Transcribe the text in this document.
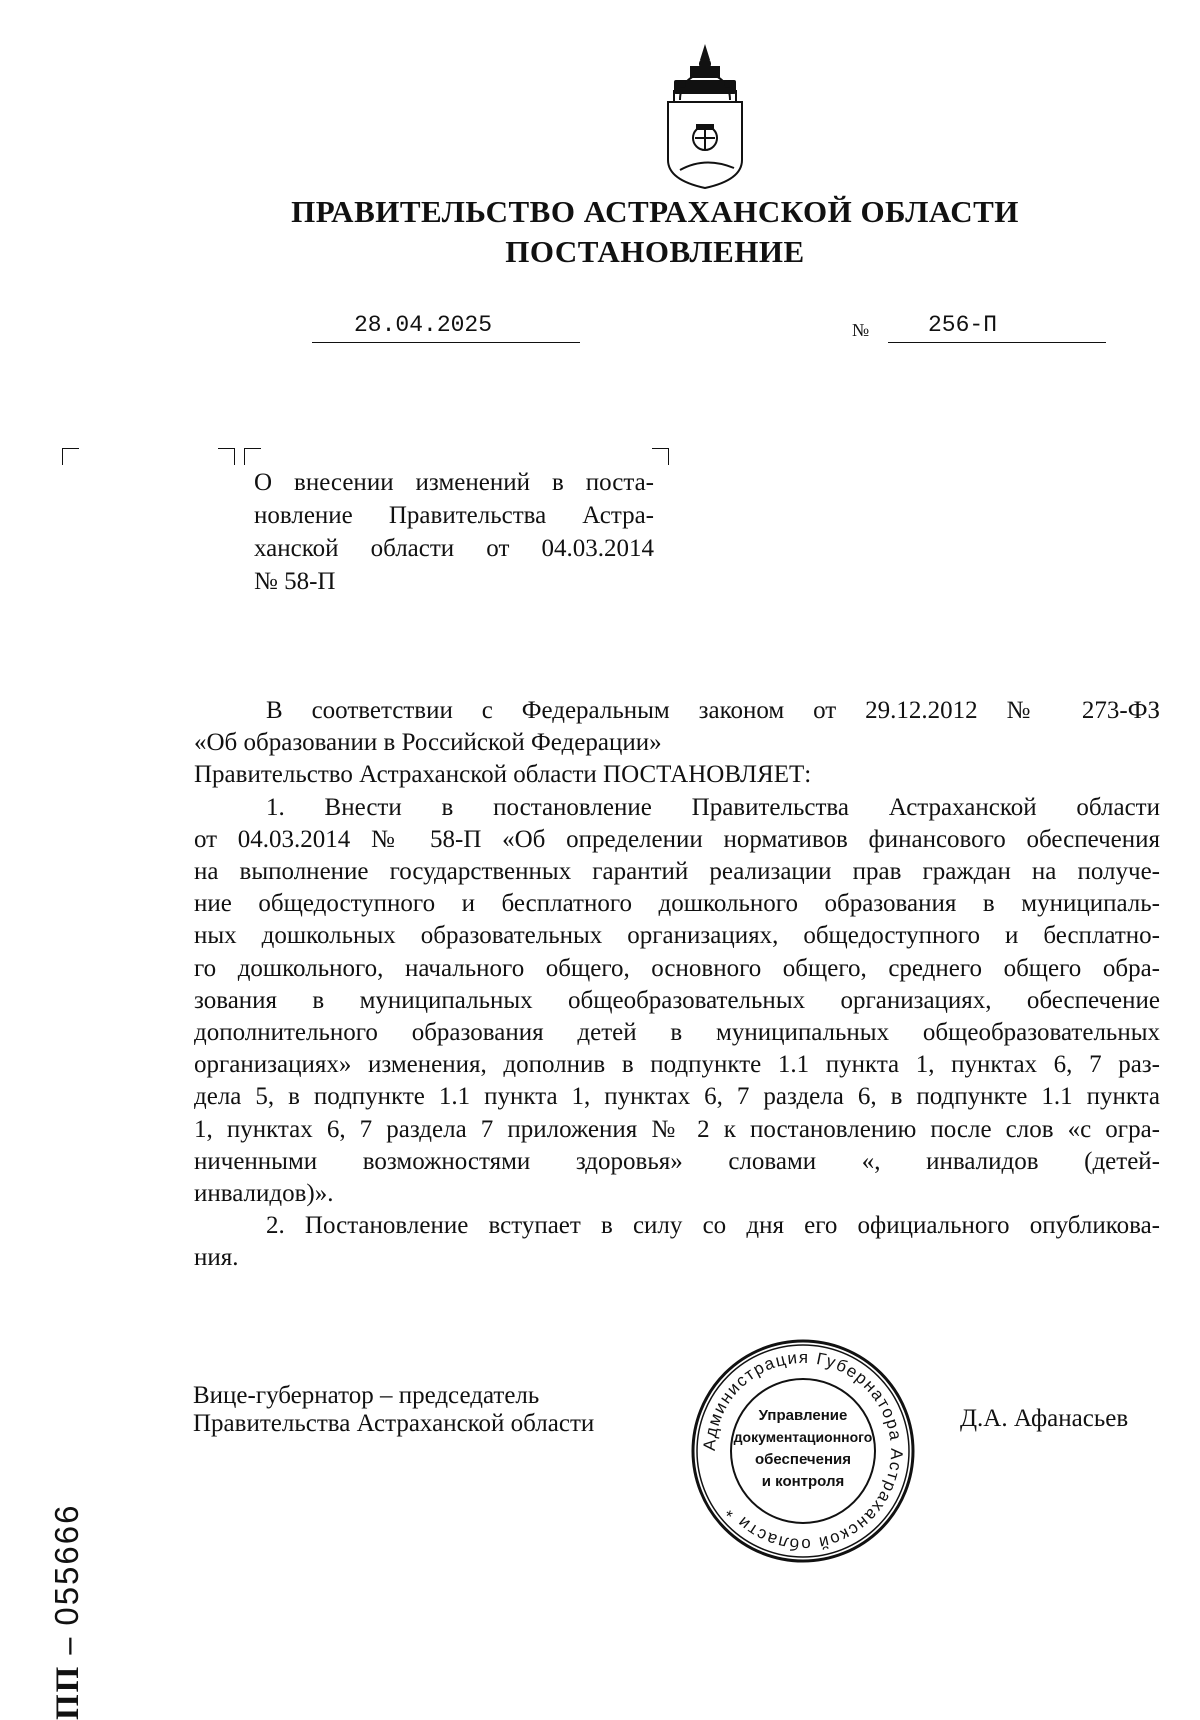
ПРАВИТЕЛЬСТВО АСТРАХАНСКОЙ ОБЛАСТИ
ПОСТАНОВЛЕНИЕ
28.04.2025	№	256-П
О внесении изменений в поста-
новление Правительства Астра-
ханской области от 04.03.2014
№ 58-П
В соответствии с Федеральным законом от 29.12.2012 № 273-ФЗ
«Об образовании в Российской Федерации»
Правительство Астраханской области ПОСТАНОВЛЯЕТ:
1. Внести в постановление Правительства Астраханской области
от 04.03.2014 № 58-П «Об определении нормативов финансового обеспечения
на выполнение государственных гарантий реализации прав граждан на получе-
ние общедоступного и бесплатного дошкольного образования в муниципаль-
ных дошкольных образовательных организациях, общедоступного и бесплатно-
го дошкольного, начального общего, основного общего, среднего общего обра-
зования в муниципальных общеобразовательных организациях, обеспечение
дополнительного образования детей в муниципальных общеобразовательных
организациях» изменения, дополнив в подпункте 1.1 пункта 1, пунктах 6, 7 раз-
дела 5, в подпункте 1.1 пункта 1, пунктах 6, 7 раздела 6, в подпункте 1.1 пункта
1, пунктах 6, 7 раздела 7 приложения № 2 к постановлению после слов «с огра-
ниченными возможностями здоровья» словами «, инвалидов (детей-
инвалидов)».
2. Постановление вступает в силу со дня его официального опубликова-
ния.
Вице-губернатор – председатель
Правительства Астраханской области	Д.А. Афанасьев
Администрация Губернатора Астраханской области *
Управление
документационного
обеспечения
и контроля
ПП – 055666
